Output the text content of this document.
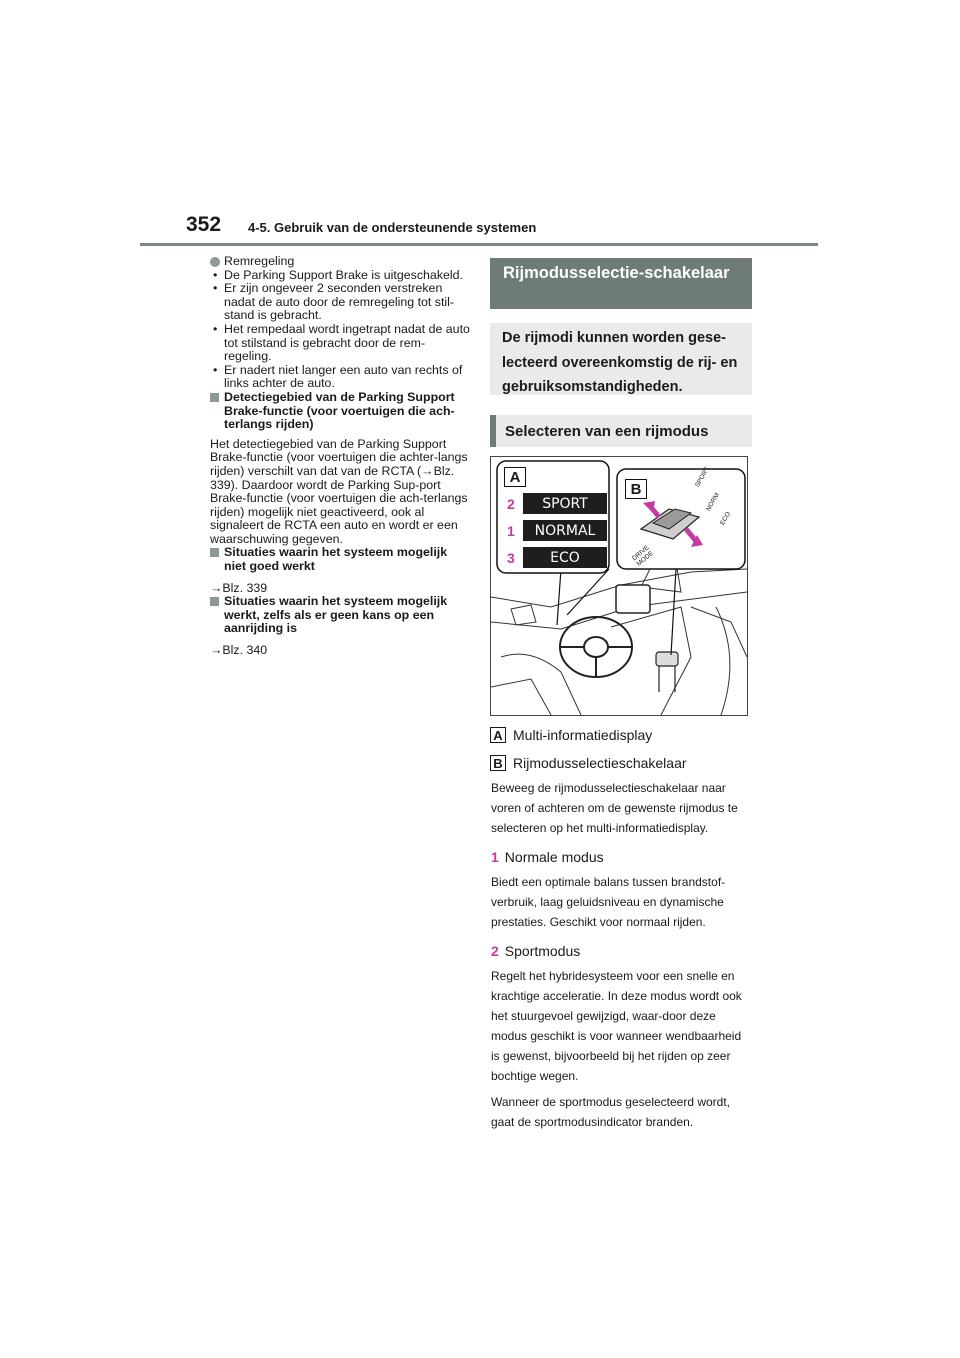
352 4-5. Gebruik van de ondersteunende systemen

Remregeling

• De Parking Support Brake is uitgeschakeld.
• Er zijn ongeveer 2 seconden verstreken nadat de auto door de remregeling tot stil-stand is gebracht.
• Het rempedaal wordt ingetrapt nadat de auto tot stilstand is gebracht door de rem-regeling.
• Er nadert niet langer een auto van rechts of links achter de auto.

Detectiegebied van de Parking Support Brake-functie (voor voertuigen die ach-terlangs rijden)

Het detectiegebied van de Parking Support Brake-functie (voor voertuigen die achter-langs rijden) verschilt van dat van de RCTA (→Blz. 339). Daardoor wordt de Parking Sup-port Brake-functie (voor voertuigen die ach-terlangs rijden) mogelijk niet geactiveerd, ook al signaleert de RCTA een auto en wordt er een waarschuwing gegeven.

Situaties waarin het systeem mogelijk niet goed werkt

→Blz. 339

Situaties waarin het systeem mogelijk werkt, zelfs als er geen kans op een aanrijding is

→Blz. 340

Rijmodusselectie-schakelaar
De rijmodi kunnen worden gese-lecteerd overeenkomstig de rij- en gebruiksomstandigheden.
Selecteren van een rijmodus
A
B
2	SPORT
1	NORMAL
3	ECO
SPORT
NORM
ECO
DRIVE MODE
A Multi-informatiedisplay
B Rijmodusselectieschakelaar

Beweeg de rijmodusselectieschakelaar naar voren of achteren om de gewenste rijmodus te selecteren op het multi-informatiedisplay.

1 Normale modus

Biedt een optimale balans tussen brandstof-verbruik, laag geluidsniveau en dynamische prestaties. Geschikt voor normaal rijden.

2 Sportmodus

Regelt het hybridesysteem voor een snelle en krachtige acceleratie. In deze modus wordt ook het stuurgevoel gewijzigd, waar-door deze modus geschikt is voor wanneer wendbaarheid is gewenst, bijvoorbeeld bij het rijden op zeer bochtige wegen.

Wanneer de sportmodus geselecteerd wordt, gaat de sportmodusindicator branden.
